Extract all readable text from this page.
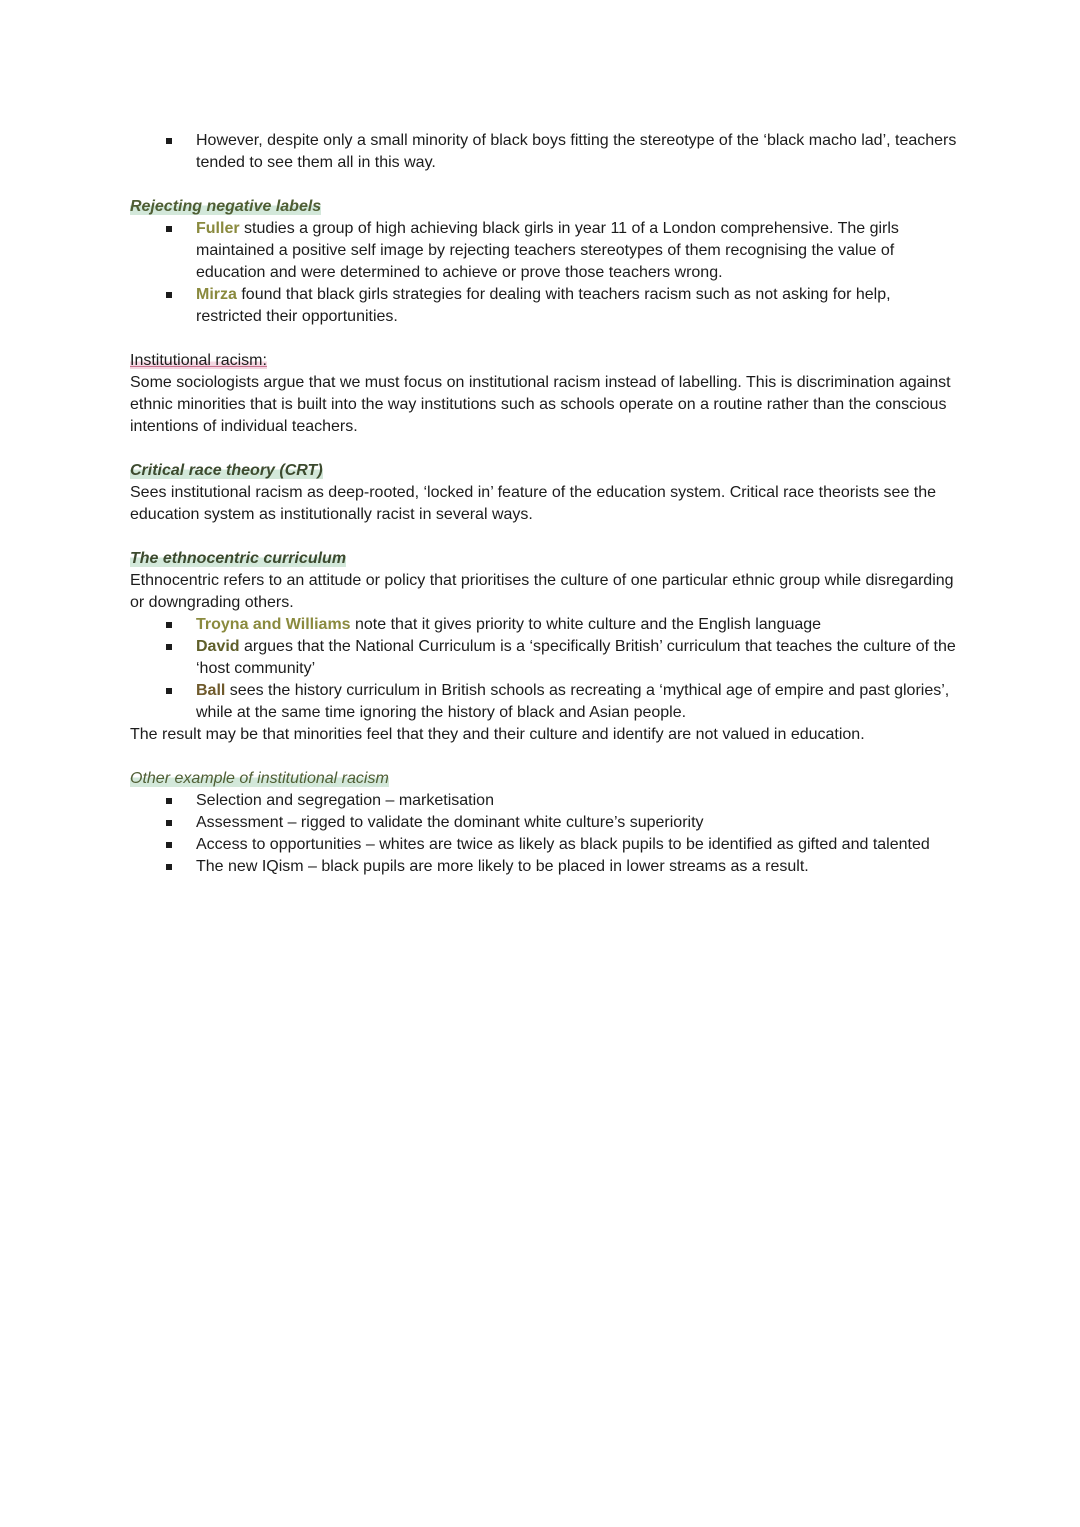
However, despite only a small minority of black boys fitting the stereotype of the ‘black macho lad’, teachers tended to see them all in this way.

Rejecting negative labels

Fuller studies a group of high achieving black girls in year 11 of a London comprehensive. The girls maintained a positive self image by rejecting teachers stereotypes of them recognising the value of education and were determined to achieve or prove those teachers wrong.
Mirza found that black girls strategies for dealing with teachers racism such as not asking for help, restricted their opportunities.

Institutional racism:

Some sociologists argue that we must focus on institutional racism instead of labelling. This is discrimination against ethnic minorities that is built into the way institutions such as schools operate on a routine rather than the conscious intentions of individual teachers.

Critical race theory (CRT)

Sees institutional racism as deep-rooted, ‘locked in’ feature of the education system. Critical race theorists see the education system as institutionally racist in several ways.

The ethnocentric curriculum

Ethnocentric refers to an attitude or policy that prioritises the culture of one particular ethnic group while disregarding or downgrading others.

Troyna and Williams note that it gives priority to white culture and the English language
David argues that the National Curriculum is a ‘specifically British’ curriculum that teaches the culture of the ‘host community’
Ball sees the history curriculum in British schools as recreating a ‘mythical age of empire and past glories’, while at the same time ignoring the history of black and Asian people.

The result may be that minorities feel that they and their culture and identify are not valued in education.

Other example of institutional racism

Selection and segregation – marketisation
Assessment – rigged to validate the dominant white culture’s superiority
Access to opportunities – whites are twice as likely as black pupils to be identified as gifted and talented
The new IQism – black pupils are more likely to be placed in lower streams as a result.
